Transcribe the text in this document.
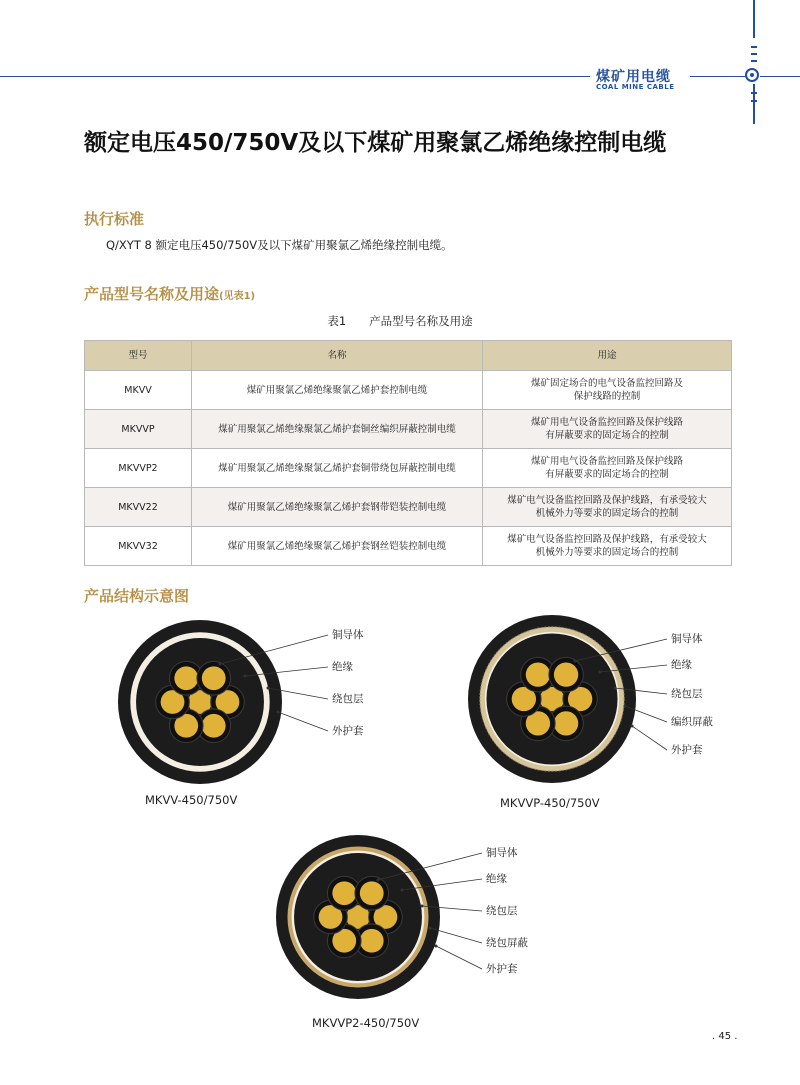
煤矿用电缆
COAL MINE CABLE
额定电压450/750V及以下煤矿用聚氯乙烯绝缘控制电缆
执行标准
Q/XYT 8 额定电压450/750V及以下煤矿用聚氯乙烯绝缘控制电缆。
产品型号名称及用途(见表1)
表1　　产品型号名称及用途
型号	名称	用途
MKVV	煤矿用聚氯乙烯绝缘聚氯乙烯护套控制电缆	煤矿固定场合的电气设备监控回路及
保护线路的控制

MKVVP	煤矿用聚氯乙烯绝缘聚氯乙烯护套铜丝编织屏蔽控制电缆	煤矿用电气设备监控回路及保护线路
有屏蔽要求的固定场合的控制

MKVVP2	煤矿用聚氯乙烯绝缘聚氯乙烯护套铜带绕包屏蔽控制电缆	煤矿用电气设备监控回路及保护线路
有屏蔽要求的固定场合的控制

MKVV22	煤矿用聚氯乙烯绝缘聚氯乙烯护套钢带铠装控制电缆	煤矿电气设备监控回路及保护线路，有承受较大
机械外力等要求的固定场合的控制

MKVV32	煤矿用聚氯乙烯绝缘聚氯乙烯护套钢丝铠装控制电缆	煤矿电气设备监控回路及保护线路，有承受较大
机械外力等要求的固定场合的控制
产品结构示意图
铜导体
绝缘
绕包层
外护套
MKVV-450/750V
铜导体
绝缘
绕包层
编织屏蔽
外护套
MKVVP-450/750V
铜导体
绝缘
绕包层
绕包屏蔽
外护套
MKVVP2-450/750V
. 45 .
